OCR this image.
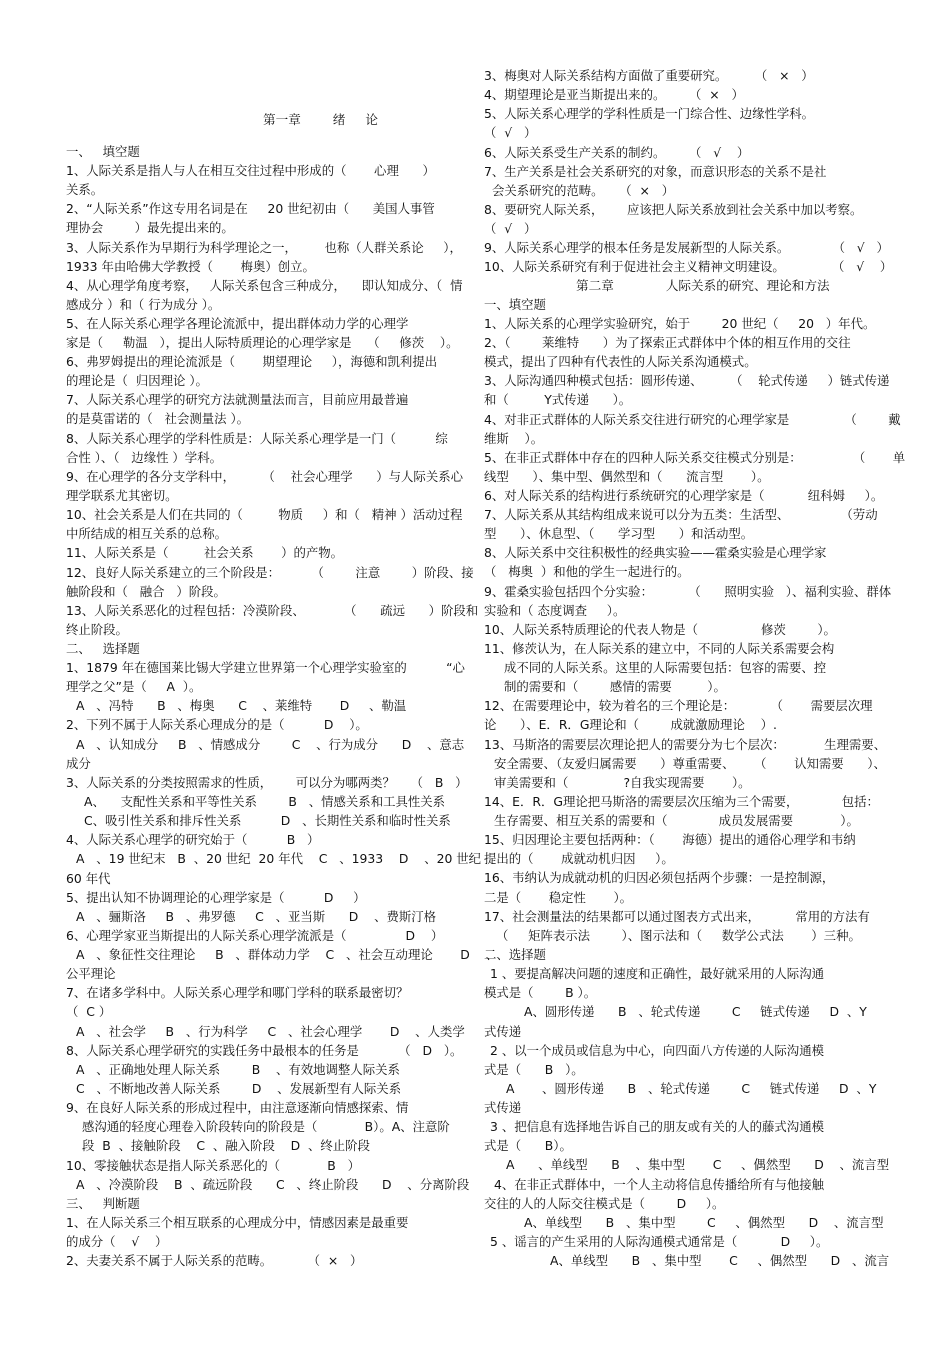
第一章        绪     论
一、   填空题
1、人际关系是指人与人在相互交往过程中形成的（       心理      ）
关系。
2、“人际关系”作这专用名词是在     20 世纪初由（      美国人事管
理协会        ）最先提出来的。
3、人际关系作为早期行为科学理论之一，       也称（人群关系论     ），
1933 年由哈佛大学教授（       梅奥）创立。
4、从心理学角度考察，   人际关系包含三种成分，    即认知成分、（  情
感成分 ）和（ 行为成分 ）。
5、在人际关系心理学各理论流派中，提出群体动力学的心理学
家是（     勒温   ），提出人际特质理论的心理学家是    （     修茨    ）。
6、弗罗姆提出的理论流派是（       期望理论     ），海德和凯利提出
的理论是（  归因理论 ）。
7、人际关系心理学的研究方法就测量法而言，目前应用最普遍
的是莫雷诺的（   社会测量法 ）。
8、人际关系心理学的学科性质是：人际关系心理学是一门（          综
合性 ）、（   边缘性 ）学科。
9、在心理学的各分支学科中，       （    社会心理学      ）与人际关系心
理学联系尤其密切。
10、社会关系是人们在共同的（         物质     ）和（   精神 ）活动过程
中所结成的相互关系的总称。
11、人际关系是（         社会关系       ）的产物。
12、良好人际关系建立的三个阶段是：        （        注意        ）阶段、接
触阶段和（   融合   ）阶段。
13、人际关系恶化的过程包括：冷漠阶段、          （      疏远      ）阶段和
终止阶段。
二、   选择题
1、1879 年在德国莱比锡大学建立世界第一个心理学实验室的          “心
理学之父”是（     A  ）。
A   、冯特      B   、梅奥      C    、莱维特       D     、勒温
2、下列不属于人际关系心理成分的是（          D    ）。
A   、认知成分     B   、情感成分        C    、行为成分      D    、意志
成分
3、人际关系的分类按照需求的性质，      可以分为哪两类？    （   B   ）
A、    支配性关系和平等性关系        B   、情感关系和工具性关系
C、吸引性关系和排斥性关系          D   、长期性关系和临时性关系
4、人际关系心理学的研究始于（          B   ）
A   、19 世纪末   B  、20 世纪  20 年代    C   、1933    D    、20 世纪
60 年代
5、提出认知不协调理论的心理学家是（          D     ）
A   、骊斯洛     B   、弗罗德     C   、亚当斯      D    、费斯汀格
6、心理学家亚当斯提出的人际关系心理学流派是（               D    ）
A   、象征性交往理论     B   、群体动力学    C   、社会互动理论       D    、
公平理论
7、在诸多学科中。人际关系心理学和哪门学科的联系最密切？
（  C ）
A   、社会学     B   、行为科学     C   、社会心理学       D    、人类学
8、人际关系心理学研究的实践任务中最根本的任务是          （   D   ）。
A   、正确地处理人际关系        B    、有效地调整人际关系
C   、不断地改善人际关系        D    、发展新型有人际关系
9、在良好人际关系的形成过程中，由注意逐渐向情感探索、情
感沟通的轻度心理卷入阶段转向的阶段是（            B）。A、注意阶
段  B  、接触阶段    C  、融入阶段    D  、终止阶段
10、零接触状态是指人际关系恶化的（            B   ）
A   、冷漠阶段    B  、疏远阶段      C   、终止阶段      D    、分离阶段
三、   判断题
1、在人际关系三个相互联系的心理成分中，情感因素是最重要
的成分（    √    ）
2、夫妻关系不属于人际关系的范畴。         （  ×   ）
3、梅奥对人际关系结构方面做了重要研究。       （   ×   ）
4、期望理论是亚当斯提出来的。      （  ×   ）
5、人际关系心理学的学科性质是一门综合性、边缘性学科。
（  √   ）
6、人际关系受生产关系的制约。      （   √    ）
7、生产关系是社会关系研究的对象，而意识形态的关系不是社
会关系研究的范畴。    （  ×   ）
8、要研究人际关系，      应该把人际关系放到社会关系中加以考察。
（  √   ）
9、人际关系心理学的根本任务是发展新型的人际关系。           （   √   ）
10、人际关系研究有利于促进社会主义精神文明建设。            （   √    ）
第二章             人际关系的研究、理论和方法
一、填空题
1、人际关系的心理学实验研究，始于        20 世纪（     20   ）年代。
2、（        莱维特      ）为了探索正式群体中个体的相互作用的交往
模式，提出了四种有代表性的人际关系沟通模式。
3、人际沟通四种模式包括：圆形传递、       （    轮式传递     ）链式传递
和（         Y式传递      ）。
4、对非正式群体的人际关系交往进行研究的心理学家是              （        戴
维斯    ）。
5、在非正式群体中存在的四种人际关系交往模式分别是：             （       单
线型      ）、集中型、偶然型和（      流言型       ）。
6、对人际关系的结构进行系统研究的心理学家是（           纽科姆     ）。
7、人际关系从其结构组成来说可以分为五类：生活型、             （劳动
型      ）、休息型、（      学习型      ）和活动型。
8、人际关系中交往积极性的经典实验——霍桑实验是心理学家
（   梅奥  ）和他的学生一起进行的。
9、霍桑实验包括四个分实验：         （      照明实验   ）、福利实验、群体
实验和（ 态度调查     ）。
10、人际关系特质理论的代表人物是（                修茨        ）。
11、修茨认为，在人际关系的建立中，不同的人际关系需要会构
成不同的人际关系。这里的人际需要包括：包容的需要、控
制的需要和（        感情的需要         ）。
12、在需要理论中，较为着名的三个理论是：         （       需要层次理
论      ）、E．R．G理论和（        成就激励理论    ）.
13、马斯洛的需要层次理论把人的需要分为七个层次：          生理需要、
安全需要、（友爱归属需要      ）尊重需要、     （       认知需要      ）、
审美需要和（              ?自我实现需要       ）。
14、E．R．G理论把马斯洛的需要层次压缩为三个需要，           包括：
生存需要、相互关系的需要和（             成员发展需要            ）。
15、归因理论主要包括两种：（       海德）提出的通俗心理学和韦纳
提出的（       成就动机归因     ）。
16、韦纳认为成就动机的归因必须包括两个步骤：一是控制源，
二是（       稳定性       ）。
17、社会测量法的结果都可以通过图表方式出来，         常用的方法有
（     矩阵表示法        ）、图示法和（     数学公式法       ）三种。
二、选择题
1 、要提高解决问题的速度和正确性，最好就采用的人际沟通
模式是（        B ）。
A、圆形传递      B   、轮式传递        C     链式传递     D  、Y
式传递
2 、以一个成员或信息为中心，向四面八方传递的人际沟通模
式是（      B   ）。
A       、圆形传递      B   、轮式传递        C     链式传递     D  、Y
式传递
3 、把信息有选择地告诉自己的朋友或有关的人的藤式沟通模
式是（      B）。
A      、单线型      B    、集中型       C     、偶然型      D    、流言型
4、在非正式群体中，一个人主动将信息传播给所有与他接触
交往的人的人际交往模式是（        D     ）。
A、单线型      B   、集中型        C     、偶然型      D    、流言型
5 、谣言的产生采用的人际沟通模式通常是（           D     ）。
A、单线型      B   、集中型       C     、偶然型      D   、流言
